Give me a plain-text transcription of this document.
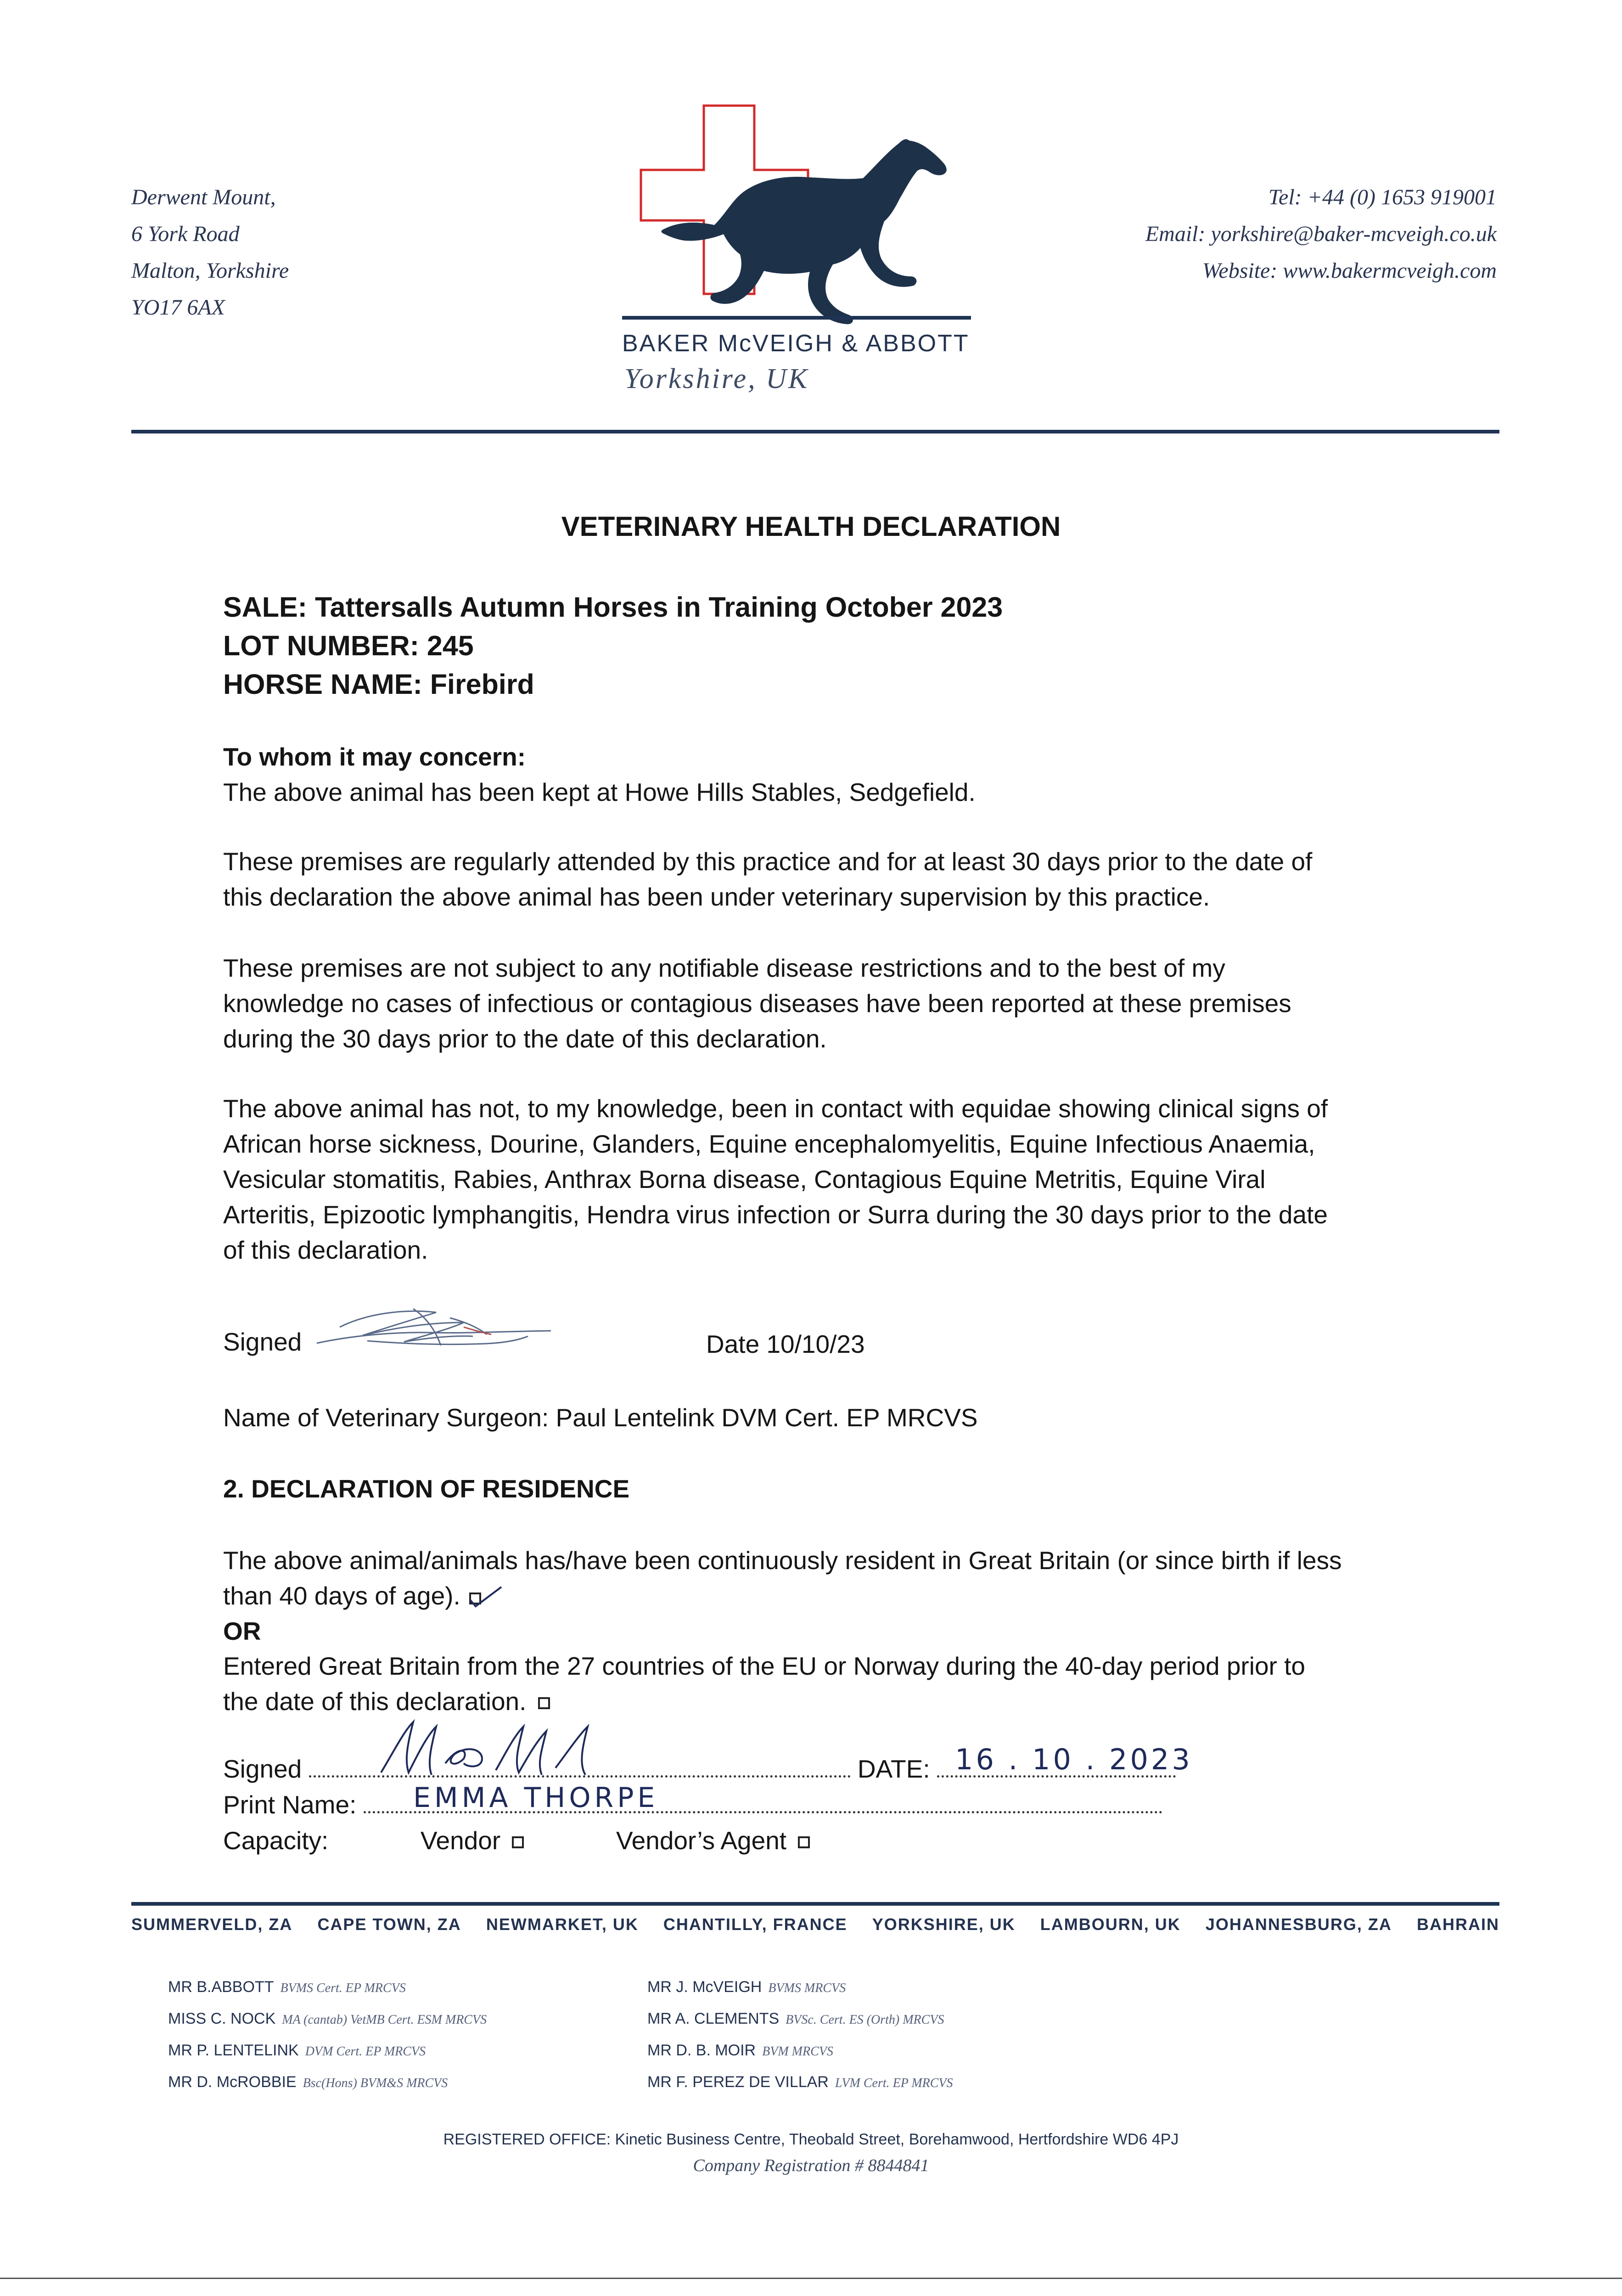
Derwent Mount,
6 York Road
Malton, Yorkshire
YO17 6AX
BAKER McVEIGH & ABBOTT
Yorkshire, UK
Tel: +44 (0) 1653 919001
Email: yorkshire@baker-mcveigh.co.uk
Website: www.bakermcveigh.com
VETERINARY HEALTH DECLARATION
SALE: Tattersalls Autumn Horses in Training October 2023
LOT NUMBER: 245
HORSE NAME: Firebird
To whom it may concern:
The above animal has been kept at Howe Hills Stables, Sedgefield.
These premises are regularly attended by this practice and for at least 30 days prior to the date of
this declaration the above animal has been under veterinary supervision by this practice.
These premises are not subject to any notifiable disease restrictions and to the best of my
knowledge no cases of infectious or contagious diseases have been reported at these premises
during the 30 days prior to the date of this declaration.
The above animal has not, to my knowledge, been in contact with equidae showing clinical signs of
African horse sickness, Dourine, Glanders, Equine encephalomyelitis, Equine Infectious Anaemia,
Vesicular stomatitis, Rabies, Anthrax Borna disease, Contagious Equine Metritis, Equine Viral
Arteritis, Epizootic lymphangitis, Hendra virus infection or Surra during the 30 days prior to the date
of this declaration.
Signed	Date 10/10/23
Name of Veterinary Surgeon: Paul Lentelink DVM Cert. EP MRCVS
2. DECLARATION OF RESIDENCE
The above animal/animals has/have been continuously resident in Great Britain (or since birth if less
than 40 days of age).
OR
Entered Great Britain from the 27 countries of the EU or Norway during the 40-day period prior to
the date of this declaration.
Signed	DATE: 16 . 10 . 2023
Print Name:	EMMA THORPE
Capacity:	Vendor	Vendor’s Agent
SUMMERVELD, ZA CAPE TOWN, ZA NEWMARKET, UK CHANTILLY, FRANCE YORKSHIRE, UK LAMBOURN, UK JOHANNESBURG, ZA BAHRAIN
MR B.ABBOTT BVMS Cert. EP MRCVS
MISS C. NOCK MA (cantab) VetMB Cert. ESM MRCVS
MR P. LENTELINK DVM Cert. EP MRCVS
MR D. McROBBIE Bsc(Hons) BVM&S MRCVS
MR J. McVEIGH BVMS MRCVS
MR A. CLEMENTS BVSc. Cert. ES (Orth) MRCVS
MR D. B. MOIR BVM MRCVS
MR F. PEREZ DE VILLAR LVM Cert. EP MRCVS
REGISTERED OFFICE: Kinetic Business Centre, Theobald Street, Borehamwood, Hertfordshire WD6 4PJ
Company Registration # 8844841
